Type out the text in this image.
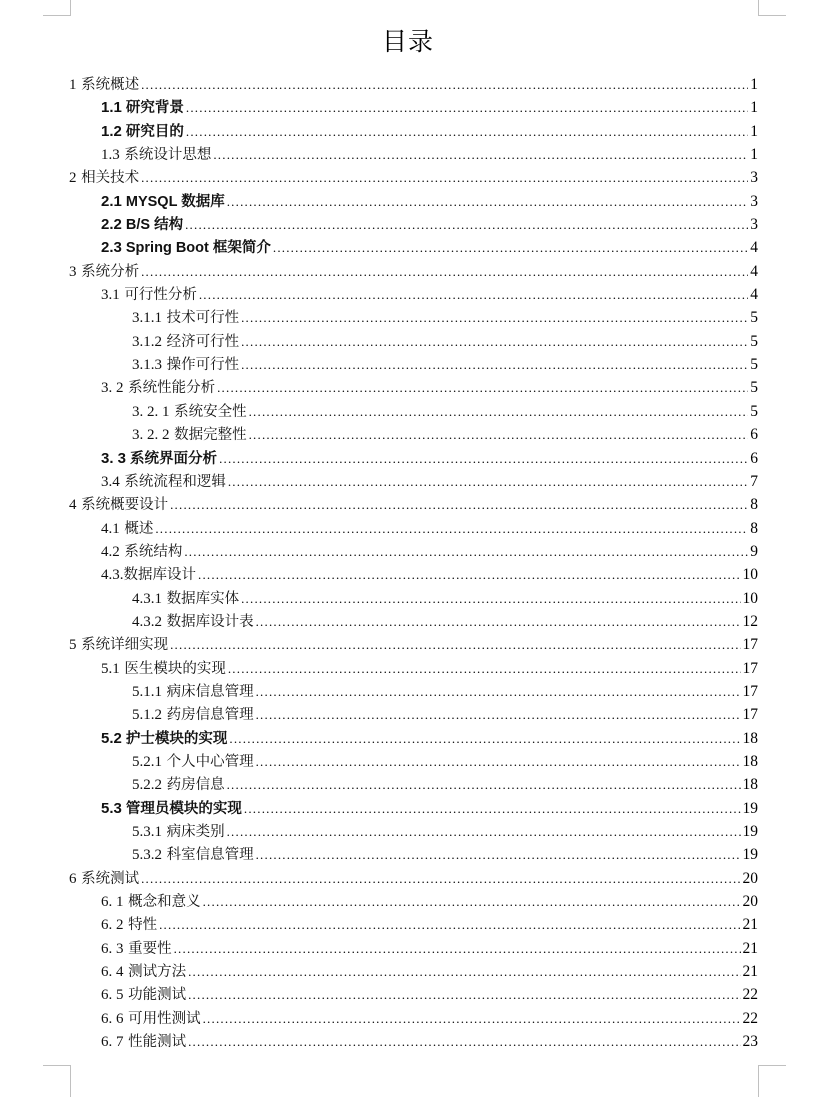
目录
1 系统概述 .....	1
1.1 研究背景 .....	1
1.2 研究目的 .....	1
1.3 系统设计思想 .....	1
2 相关技术 .....	3
2.1 MYSQL 数据库 .....	3
2.2 B/S 结构 .....	3
2.3 Spring Boot 框架简介 .....	4
3 系统分析 .....	4
3.1 可行性分析 .....	4
3.1.1 技术可行性 .....	5
3.1.2 经济可行性 .....	5
3.1.3 操作可行性 .....	5
3. 2 系统性能分析 .....	5
3. 2. 1 系统安全性 .....	5
3. 2. 2 数据完整性 .....	6
3. 3 系统界面分析 .....	6
3.4 系统流程和逻辑 .....	7
4 系统概要设计 .....	8
4.1 概述 .....	8
4.2 系统结构 .....	9
4.3.数据库设计 .....	10
4.3.1 数据库实体 .....	10
4.3.2 数据库设计表 .....	12
5 系统详细实现 .....	17
5.1 医生模块的实现 .....	17
5.1.1 病床信息管理 .....	17
5.1.2 药房信息管理 .....	17
5.2 护士模块的实现 .....	18
5.2.1 个人中心管理 .....	18
5.2.2 药房信息 .....	18
5.3 管理员模块的实现 .....	19
5.3.1 病床类别 .....	19
5.3.2 科室信息管理 .....	19
6 系统测试 .....	20
6. 1 概念和意义 .....	20
6. 2 特性 .....	21
6. 3 重要性 .....	21
6. 4 测试方法 .....	21
6. 5 功能测试 .....	22
6. 6 可用性测试 .....	22
6. 7 性能测试 .....	23
